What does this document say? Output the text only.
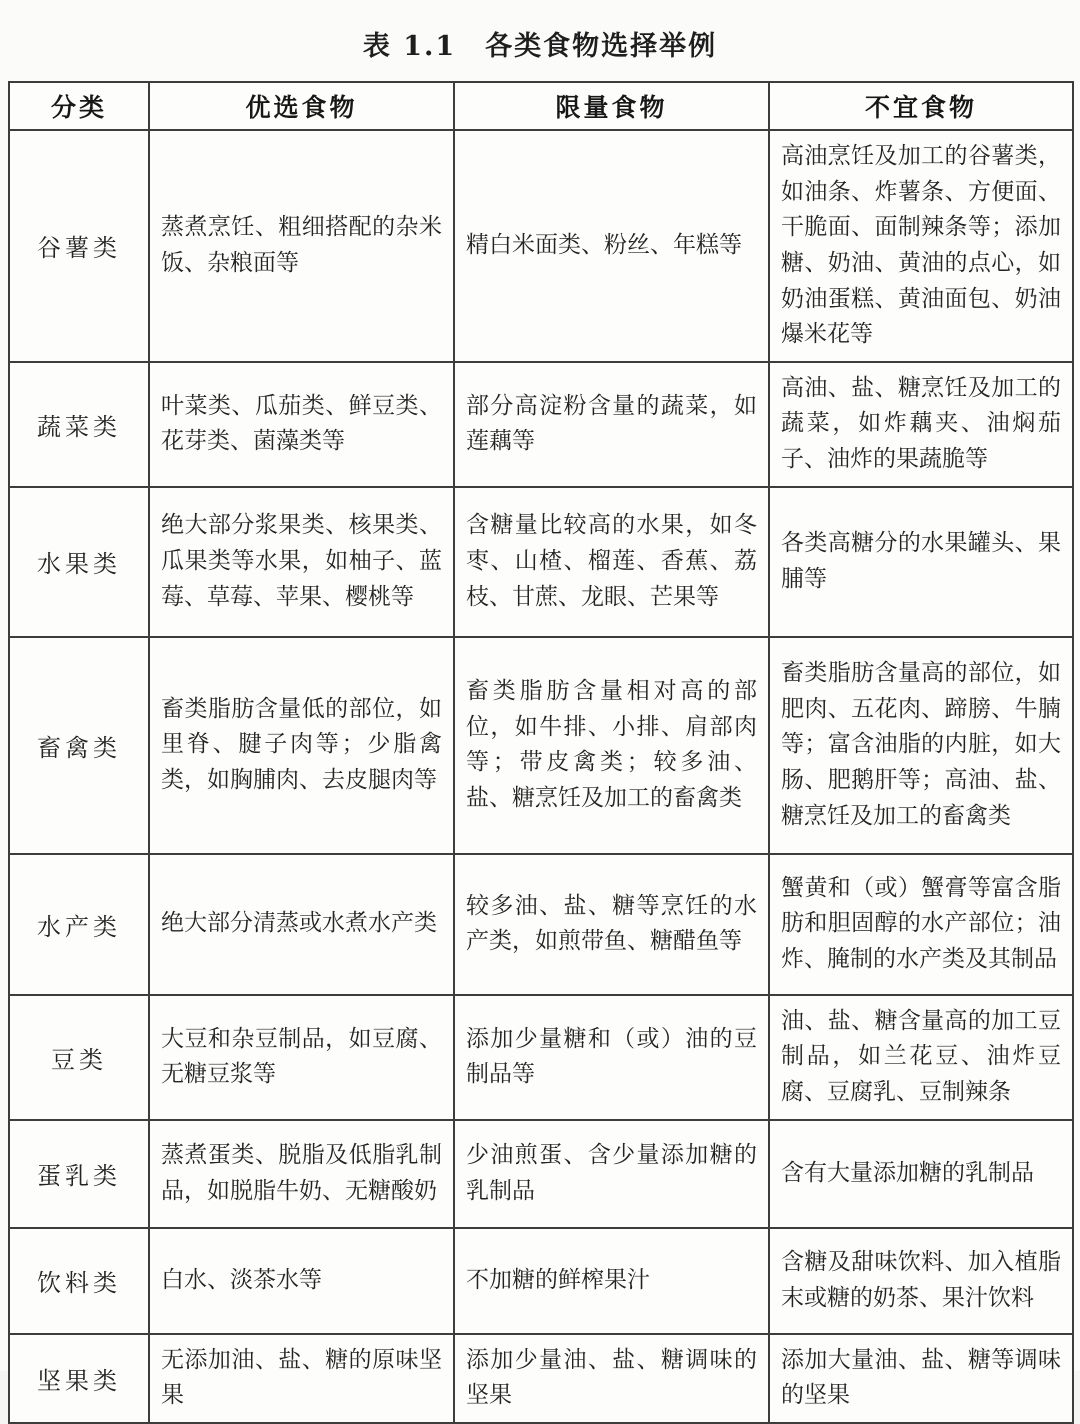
表 1.1　各类食物选择举例
分类	优选食物	限量食物	不宜食物
谷薯类	蒸煮烹饪、粗细搭配的杂米饭、杂粮面等	精白米面类、粉丝、年糕等	高油烹饪及加工的谷薯类，如油条、炸薯条、方便面、干脆面、面制辣条等；添加糖、奶油、黄油的点心，如奶油蛋糕、黄油面包、奶油爆米花等
蔬菜类	叶菜类、瓜茄类、鲜豆类、花芽类、菌藻类等	部分高淀粉含量的蔬菜，如莲藕等	高油、盐、糖烹饪及加工的蔬菜，如炸藕夹、油焖茄子、油炸的果蔬脆等
水果类	绝大部分浆果类、核果类、瓜果类等水果，如柚子、蓝莓、草莓、苹果、樱桃等	含糖量比较高的水果，如冬枣、山楂、榴莲、香蕉、荔枝、甘蔗、龙眼、芒果等	各类高糖分的水果罐头、果脯等
畜禽类	畜类脂肪含量低的部位，如里脊、腱子肉等；少脂禽类，如胸脯肉、去皮腿肉等	畜类脂肪含量相对高的部位，如牛排、小排、肩部肉等；带皮禽类；较多油、盐、糖烹饪及加工的畜禽类	畜类脂肪含量高的部位，如肥肉、五花肉、蹄膀、牛腩等；富含油脂的内脏，如大肠、肥鹅肝等；高油、盐、糖烹饪及加工的畜禽类
水产类	绝大部分清蒸或水煮水产类	较多油、盐、糖等烹饪的水产类，如煎带鱼、糖醋鱼等	蟹黄和（或）蟹膏等富含脂肪和胆固醇的水产部位；油炸、腌制的水产类及其制品
豆类	大豆和杂豆制品，如豆腐、无糖豆浆等	添加少量糖和（或）油的豆制品等	油、盐、糖含量高的加工豆制品，如兰花豆、油炸豆腐、豆腐乳、豆制辣条
蛋乳类	蒸煮蛋类、脱脂及低脂乳制品，如脱脂牛奶、无糖酸奶	少油煎蛋、含少量添加糖的乳制品	含有大量添加糖的乳制品
饮料类	白水、淡茶水等	不加糖的鲜榨果汁	含糖及甜味饮料、加入植脂末或糖的奶茶、果汁饮料
坚果类	无添加油、盐、糖的原味坚果	添加少量油、盐、糖调味的坚果	添加大量油、盐、糖等调味的坚果
